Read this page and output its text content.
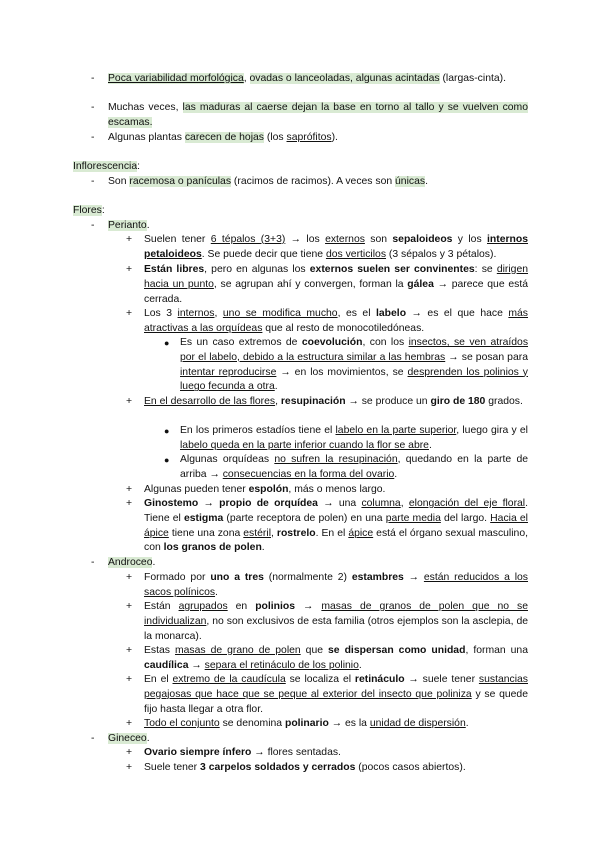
- Poca variabilidad morfológica, ovadas o lanceoladas, algunas acintadas (largas-cinta).
- Muchas veces, las maduras al caerse dejan la base en torno al tallo y se vuelven como escamas.
- Algunas plantas carecen de hojas (los saprófitos).
Inflorescencia:
- Son racemosa o panículas (racimos de racimos). A veces son únicas.
Flores:
- Perianto.
+ Suelen tener 6 tépalos (3+3) → los externos son sepaloideos y los internos petaloideos. Se puede decir que tiene dos verticilos (3 sépalos y 3 pétalos).
+ Están libres, pero en algunas los externos suelen ser convinentes: se dirigen hacia un punto, se agrupan ahí y convergen, forman la gálea → parece que está cerrada.
+ Los 3 internos, uno se modifica mucho, es el labelo → es el que hace más atractivas a las orquídeas que al resto de monocotiledóneas.
● Es un caso extremos de coevolución, con los insectos, se ven atraídos por el labelo, debido a la estructura similar a las hembras → se posan para intentar reproducirse → en los movimientos, se desprenden los polinios y luego fecunda a otra.
+ En el desarrollo de las flores, resupinación → se produce un giro de 180 grados.
● En los primeros estadíos tiene el labelo en la parte superior, luego gira y el labelo queda en la parte inferior cuando la flor se abre.
● Algunas orquídeas no sufren la resupinación, quedando en la parte de arriba → consecuencias en la forma del ovario.
+ Algunas pueden tener espolón, más o menos largo.
+ Ginostemo → propio de orquídea → una columna, elongación del eje floral. Tiene el estigma (parte receptora de polen) en una parte media del largo. Hacia el ápice tiene una zona estéril, rostrelo. En el ápice está el órgano sexual masculino, con los granos de polen.
- Androceo.
+ Formado por uno a tres (normalmente 2) estambres → están reducidos a los sacos polínicos.
+ Están agrupados en polinios → masas de granos de polen que no se individualizan, no son exclusivos de esta familia (otros ejemplos son la asclepia, de la monarca).
+ Estas masas de grano de polen que se dispersan como unidad, forman una caudílica → separa el retináculo de los polinio.
+ En el extremo de la caudícula se localiza el retináculo → suele tener sustancias pegajosas que hace que se peque al exterior del insecto que poliniza y se quede fijo hasta llegar a otra flor.
+ Todo el conjunto se denomina polinario → es la unidad de dispersión.
- Gineceo.
+ Ovario siempre ínfero → flores sentadas.
+ Suele tener 3 carpelos soldados y cerrados (pocos casos abiertos).
